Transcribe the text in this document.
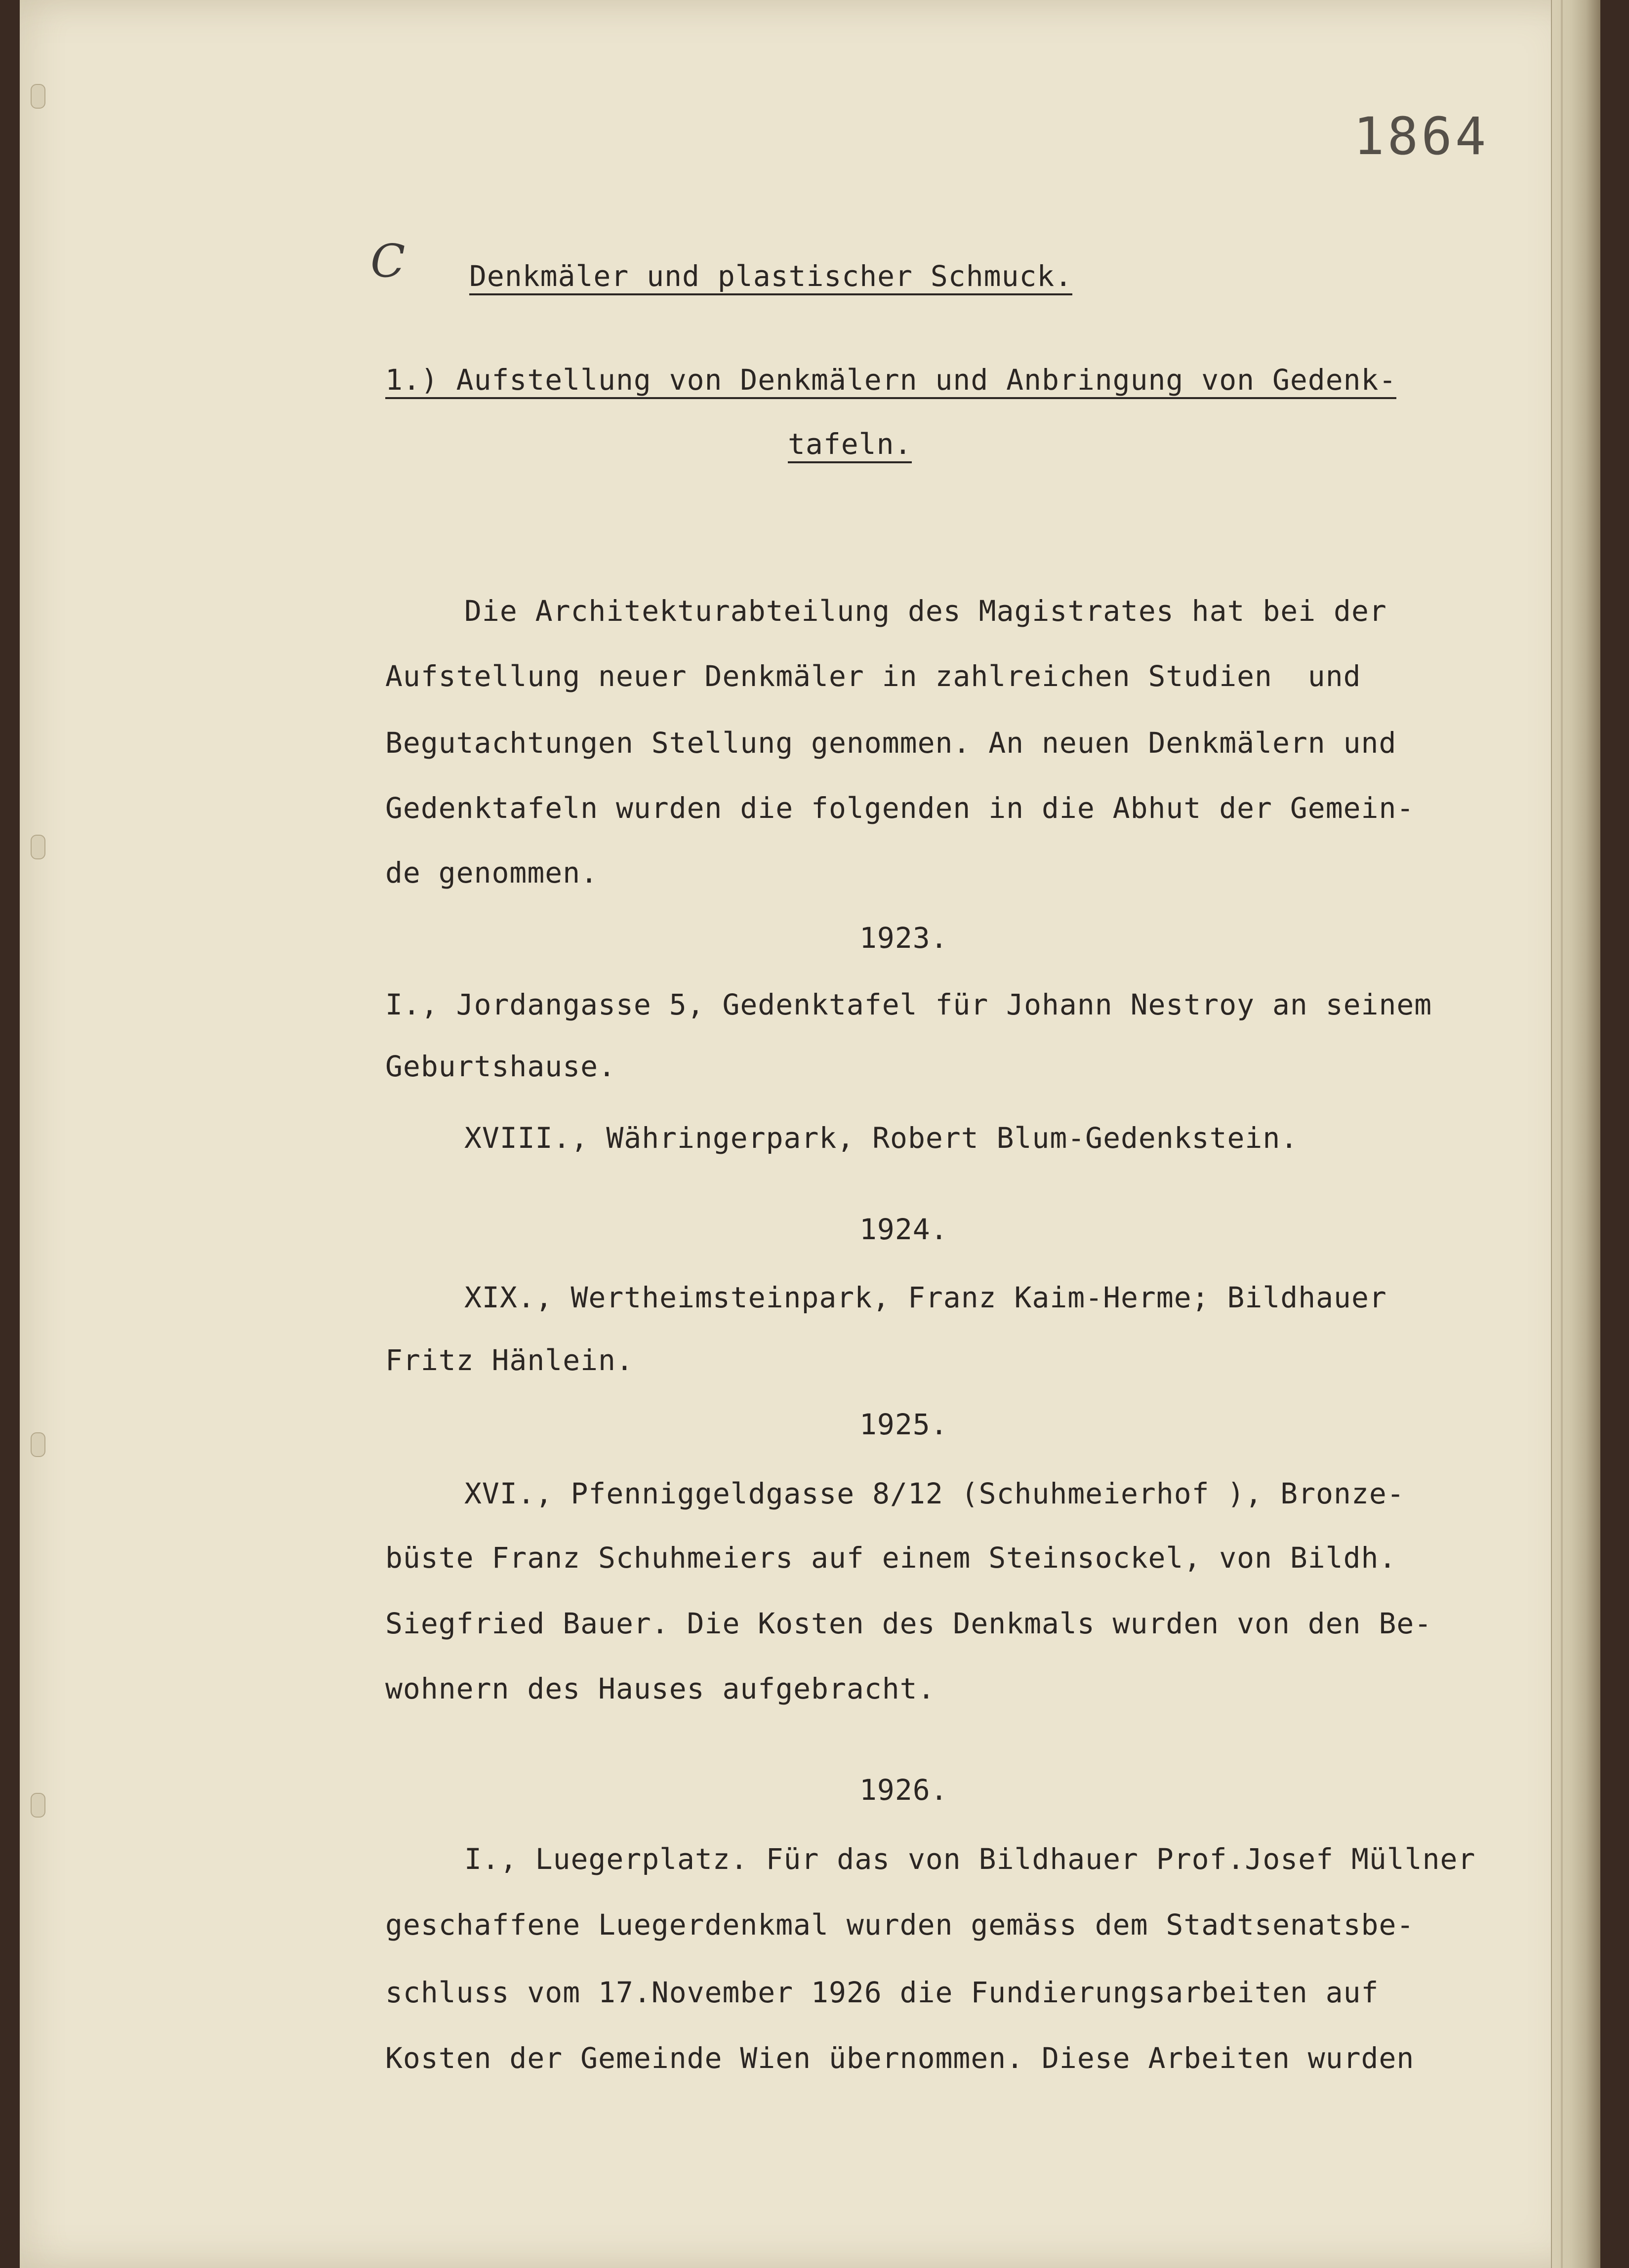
1864
C Denkmäler und plastischer Schmuck.
1.) Aufstellung von Denkmälern und Anbringung von Gedenk-
tafeln.
Die Architekturabteilung des Magistrates hat bei der
Aufstellung neuer Denkmäler in zahlreichen Studien  und
Begutachtungen Stellung genommen. An neuen Denkmälern und
Gedenktafeln wurden die folgenden in die Abhut der Gemein-
de genommen.
1923.
I., Jordangasse 5, Gedenktafel für Johann Nestroy an seinem
Geburtshause.
XVIII., Währingerpark, Robert Blum-Gedenkstein.
1924.
XIX., Wertheimsteinpark, Franz Kaim-Herme; Bildhauer
Fritz Hänlein.
1925.
XVI., Pfenniggeldgasse 8/12 (Schuhmeierhof ), Bronze-
büste Franz Schuhmeiers auf einem Steinsockel, von Bildh.
Siegfried Bauer. Die Kosten des Denkmals wurden von den Be-
wohnern des Hauses aufgebracht.
1926.
I., Luegerplatz. Für das von Bildhauer Prof.Josef Müllner
geschaffene Luegerdenkmal wurden gemäss dem Stadtsenatsbe-
schluss vom 17.November 1926 die Fundierungsarbeiten auf
Kosten der Gemeinde Wien übernommen. Diese Arbeiten wurden
